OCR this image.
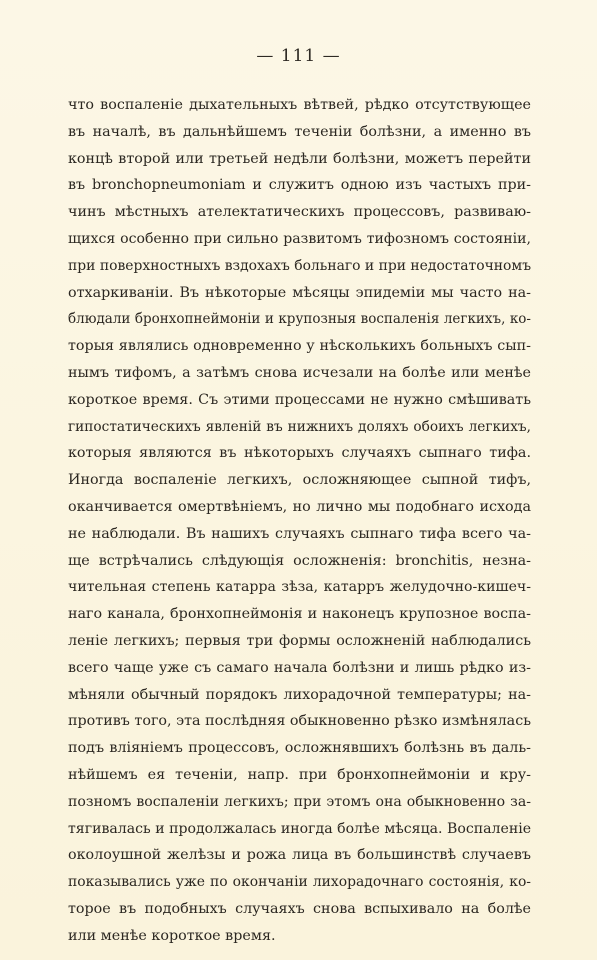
— 111 —
что воспаленіе дыхательныхъ вѣтвей, рѣдко отсутствующее
въ началѣ, въ дальнѣйшемъ теченіи болѣзни, а именно въ
концѣ второй или третьей недѣли болѣзни, можетъ перейти
въ bronchopneumoniam и служитъ одною изъ частыхъ при-
чинъ мѣстныхъ ателектатическихъ процессовъ, развиваю-
щихся особенно при сильно развитомъ тифозномъ состояніи,
при поверхностныхъ вздохахъ больнаго и при недостаточномъ
отхаркиваніи. Въ нѣкоторые мѣсяцы эпидеміи мы часто на-
блюдали бронхопнеймоніи и крупозныя воспаленія легкихъ, ко-
торыя являлись одновременно у нѣсколькихъ больныхъ сып-
нымъ тифомъ, а затѣмъ снова исчезали на болѣе или менѣе
короткое время. Съ этими процессами не нужно смѣшивать
гипостатическихъ явленій въ нижнихъ доляхъ обоихъ легкихъ,
которыя являются въ нѣкоторыхъ случаяхъ сыпнаго тифа.
Иногда воспаленіе легкихъ, осложняющее сыпной тифъ,
оканчивается омертвѣніемъ, но лично мы подобнаго исхода
не наблюдали. Въ нашихъ случаяхъ сыпнаго тифа всего ча-
ще встрѣчались слѣдующія осложненія: bronchitis, незна-
чительная степень катарра зѣза, катарръ желудочно-кишеч-
наго канала, бронхопнеймонія и наконецъ крупозное воспа-
леніе легкихъ; первыя три формы осложненій наблюдались
всего чаще уже съ самаго начала болѣзни и лишь рѣдко из-
мѣняли обычный порядокъ лихорадочной температуры; на-
противъ того, эта послѣдняя обыкновенно рѣзко измѣнялась
подъ вліяніемъ процессовъ, осложнявшихъ болѣзнь въ даль-
нѣйшемъ ея теченіи, напр. при бронхопнеймоніи и кру-
позномъ воспаленіи легкихъ; при этомъ она обыкновенно за-
тягивалась и продолжалась иногда болѣе мѣсяца. Воспаленіе
околоушной желѣзы и рожа лица въ большинствѣ случаевъ
показывались уже по окончаніи лихорадочнаго состоянія, ко-
торое въ подобныхъ случаяхъ снова вспыхивало на болѣе
или менѣе короткое время.
